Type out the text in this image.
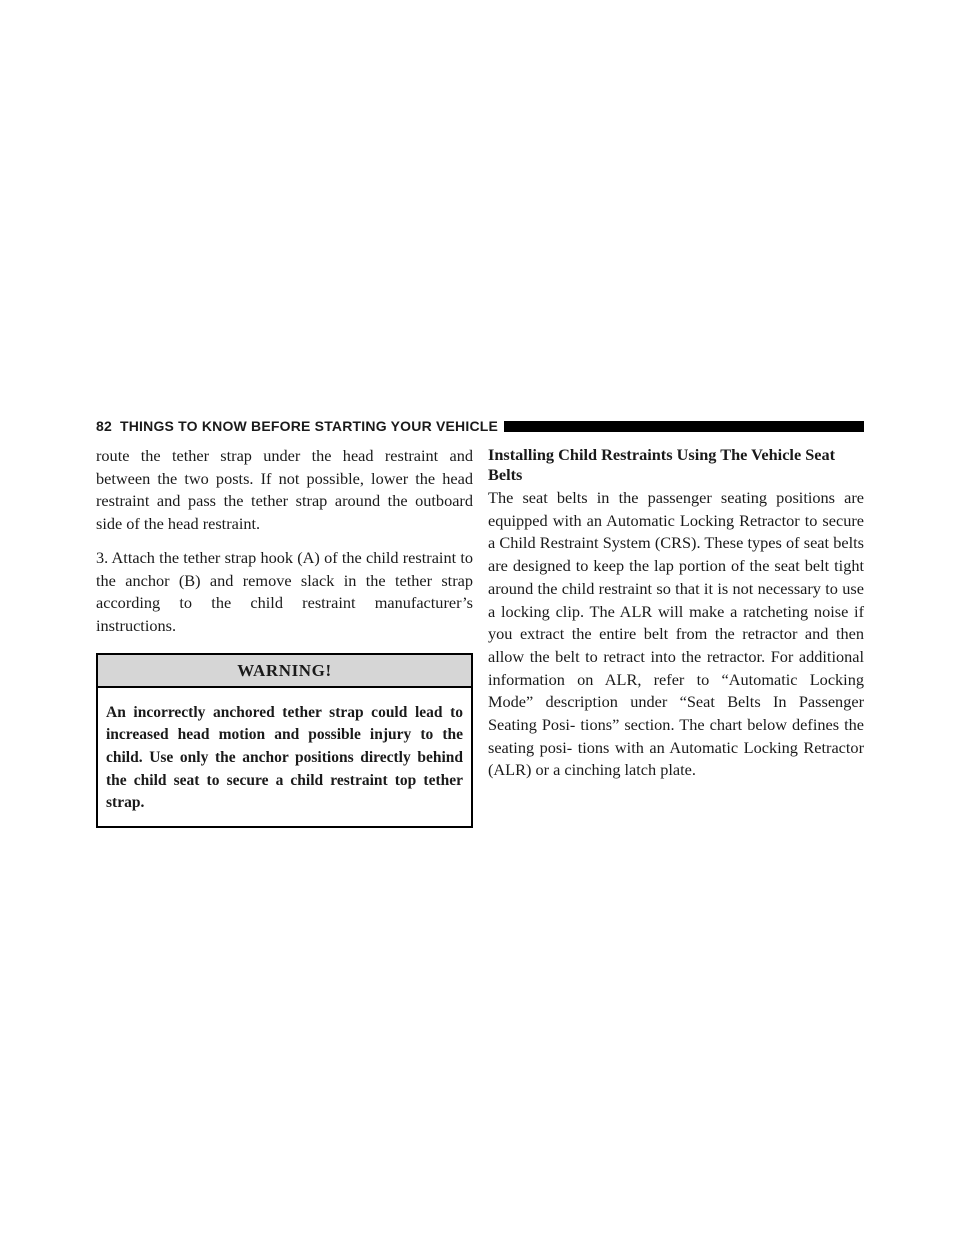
82 THINGS TO KNOW BEFORE STARTING YOUR VEHICLE

route the tether strap under the head restraint and between the two posts. If not possible, lower the head restraint and pass the tether strap around the outboard side of the head restraint.

3. Attach the tether strap hook (A) of the child restraint to the anchor (B) and remove slack in the tether strap according to the child restraint manufacturer’s instructions.

WARNING!
An incorrectly anchored tether strap could lead to increased head motion and possible injury to the child. Use only the anchor positions directly behind the child seat to secure a child restraint top tether strap.
Installing Child Restraints Using The Vehicle Seat Belts

The seat belts in the passenger seating positions are equipped with an Automatic Locking Retractor to secure a Child Restraint System (CRS). These types of seat belts are designed to keep the lap portion of the seat belt tight around the child restraint so that it is not necessary to use a locking clip. The ALR will make a ratcheting noise if you extract the entire belt from the retractor and then allow the belt to retract into the retractor. For additional information on ALR, refer to “Automatic Locking Mode” description under “Seat Belts In Passenger Seating Posi- tions” section. The chart below defines the seating posi- tions with an Automatic Locking Retractor (ALR) or a cinching latch plate.
